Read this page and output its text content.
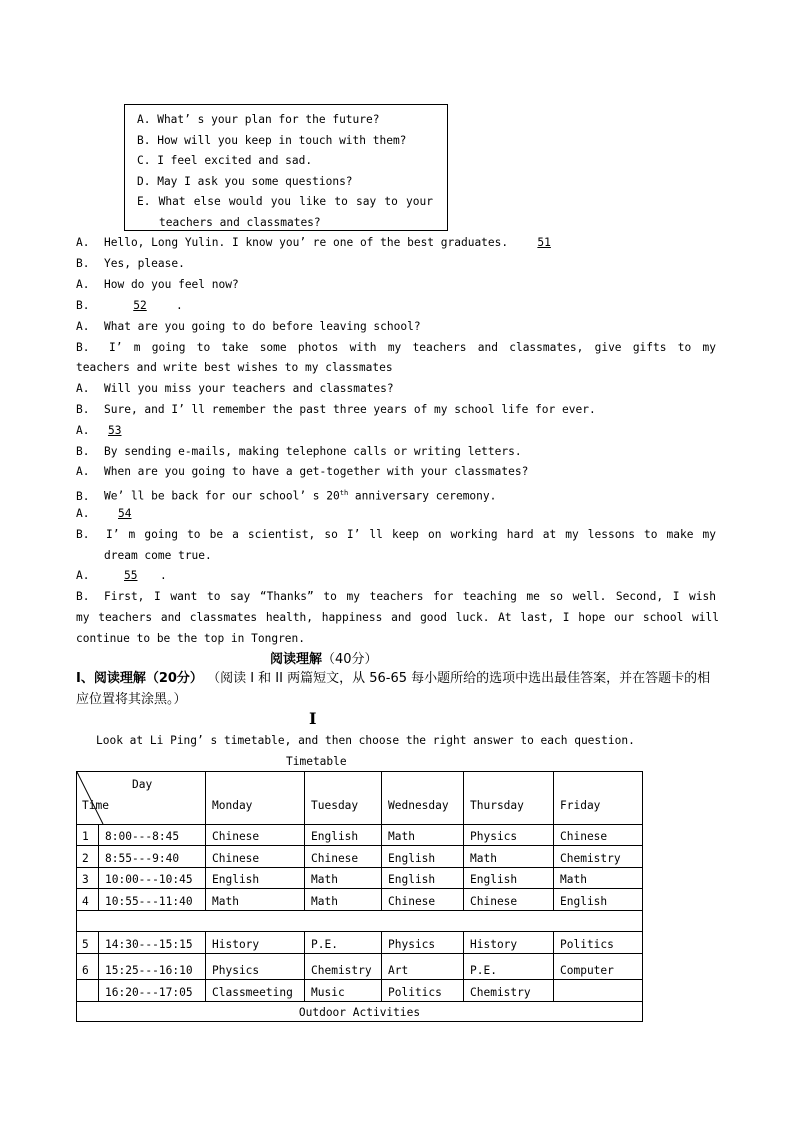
A. What’ s your plan for the future?
B. How will you keep in touch with them?
C. I feel excited and sad.
D. May I ask you some questions?
E. What else would you like to say to your
teachers and classmates?
A. Hello, Long Yulin. I know you’ re one of the best graduates.	51
B. Yes, please.
A. How do you feel now?
B.	52	.
A. What are you going to do before leaving school?
B. I’ m going to take some photos with my teachers and classmates, give gifts to my
teachers and write best wishes to my classmates
A. Will you miss your teachers and classmates?
B. Sure, and I’ ll remember the past three years of my school life for ever.
A. 53
B. By sending e-mails, making telephone calls or writing letters.
A. When are you going to have a get-together with your classmates?
B. We’ ll be back for our school’ s 20th anniversary ceremony.
A.	54
B. I’ m going to be a scientist, so I’ ll keep on working hard at my lessons to make my
dream come true.
A.	55 .
B. First, I want to say “Thanks” to my teachers for teaching me so well. Second, I wish
my teachers and classmates health, happiness and good luck. At last, I hope our school will
continue to be the top in Tongren.
阅读理解（40分）
I、阅读理解（20分） （阅读 I 和 II 两篇短文，从 56-65 每小题所给的选项中选出最佳答案，并在答题卡的相应位置将其涂黑。）
I
Look at Li Ping’ s timetable, and then choose the right answer to each question.
Timetable
Day
Time	Monday	Tuesday	Wednesday Thursday	Friday
1 8:00---8:45	Chinese	English	Math	Physics	Chinese
2 8:55---9:40	Chinese	Chinese	English	Math	Chemistry
3 10:00---10:45 English	Math	English	English	Math
4 10:55---11:40 Math	Math	Chinese	Chinese	English
5 14:30---15:15 History	P.E.	Physics	History	Politics
6 15:25---16:10 Physics	Chemistry Art	P.E.	Computer
16:20---17:05 Classmeeting Music	Politics	Chemistry
Outdoor Activities
